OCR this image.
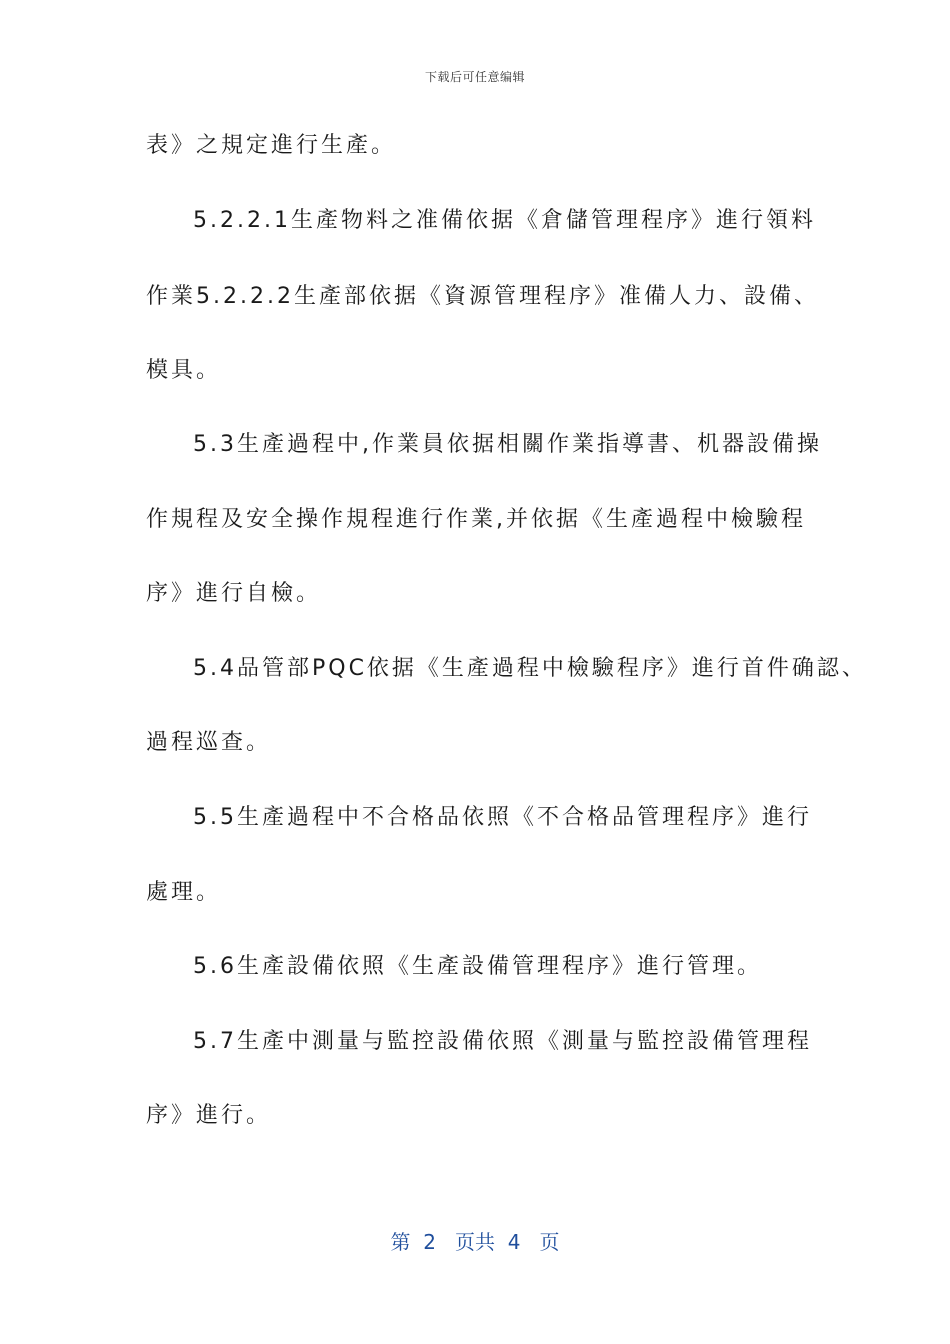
下载后可任意编辑
表》之規定進行生產。
5.2.2.1生產物料之准備依据《倉儲管理程序》進行領料
作業5.2.2.2生產部依据《資源管理程序》准備人力、設備、
模具。
5.3生產過程中,作業員依据相關作業指導書、机器設備操
作規程及安全操作規程進行作業,并依据《生產過程中檢驗程
序》進行自檢。
5.4品管部PQC依据《生產過程中檢驗程序》進行首件确認、
過程巡查。
5.5生產過程中不合格品依照《不合格品管理程序》進行
處理。
5.6生產設備依照《生產設備管理程序》進行管理。
5.7生產中測量与監控設備依照《測量与監控設備管理程
序》進行。
第  2   页共  4   页
